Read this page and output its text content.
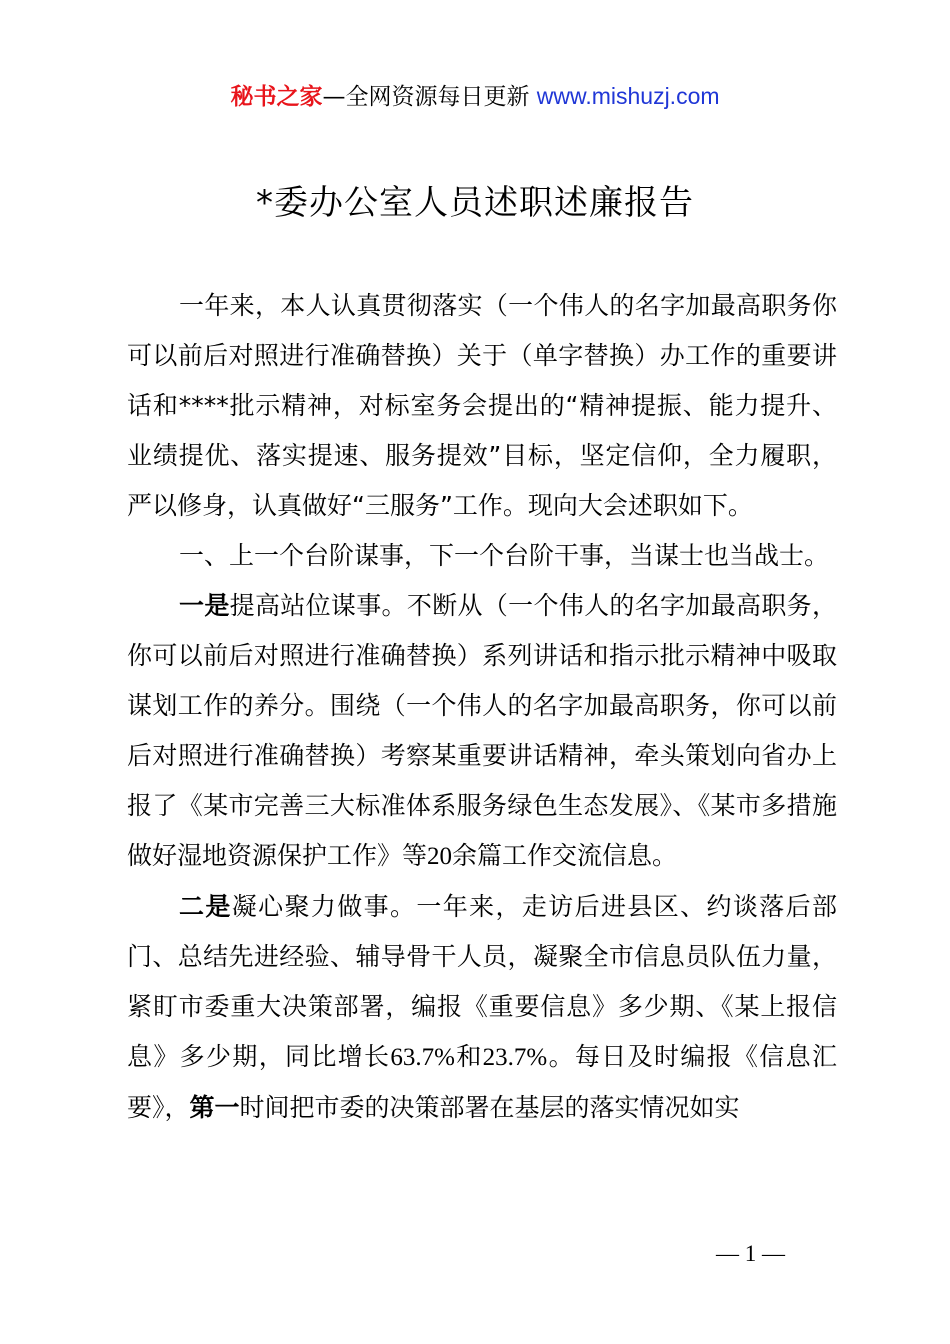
秘书之家—全网资源每日更新 www.mishuzj.com
*委办公室人员述职述廉报告

一年来，本人认真贯彻落实（一个伟人的名字加最高职务你可以前后对照进行准确替换）关于（单字替换）办工作的重要讲话和****批示精神，对标室务会提出的“精神提振、能力提升、业绩提优、落实提速、服务提效”目标，坚定信仰，全力履职，严以修身，认真做好“三服务”工作。现向大会述职如下。

一、上一个台阶谋事，下一个台阶干事，当谋士也当战士。

一是提高站位谋事。不断从（一个伟人的名字加最高职务，你可以前后对照进行准确替换）系列讲话和指示批示精神中吸取谋划工作的养分。围绕（一个伟人的名字加最高职务，你可以前后对照进行准确替换）考察某重要讲话精神，牵头策划向省办上报了《某市完善三大标准体系服务绿色生态发展》、《某市多措施做好湿地资源保护工作》等20余篇工作交流信息。

二是凝心聚力做事。一年来，走访后进县区、约谈落后部门、总结先进经验、辅导骨干人员，凝聚全市信息员队伍力量，紧盯市委重大决策部署，编报《重要信息》多少期、《某上报信息》多少期，同比增长63.7%和23.7%。每日及时编报《信息汇要》，第一时间把市委的决策部署在基层的落实情况如实

— 1 —
